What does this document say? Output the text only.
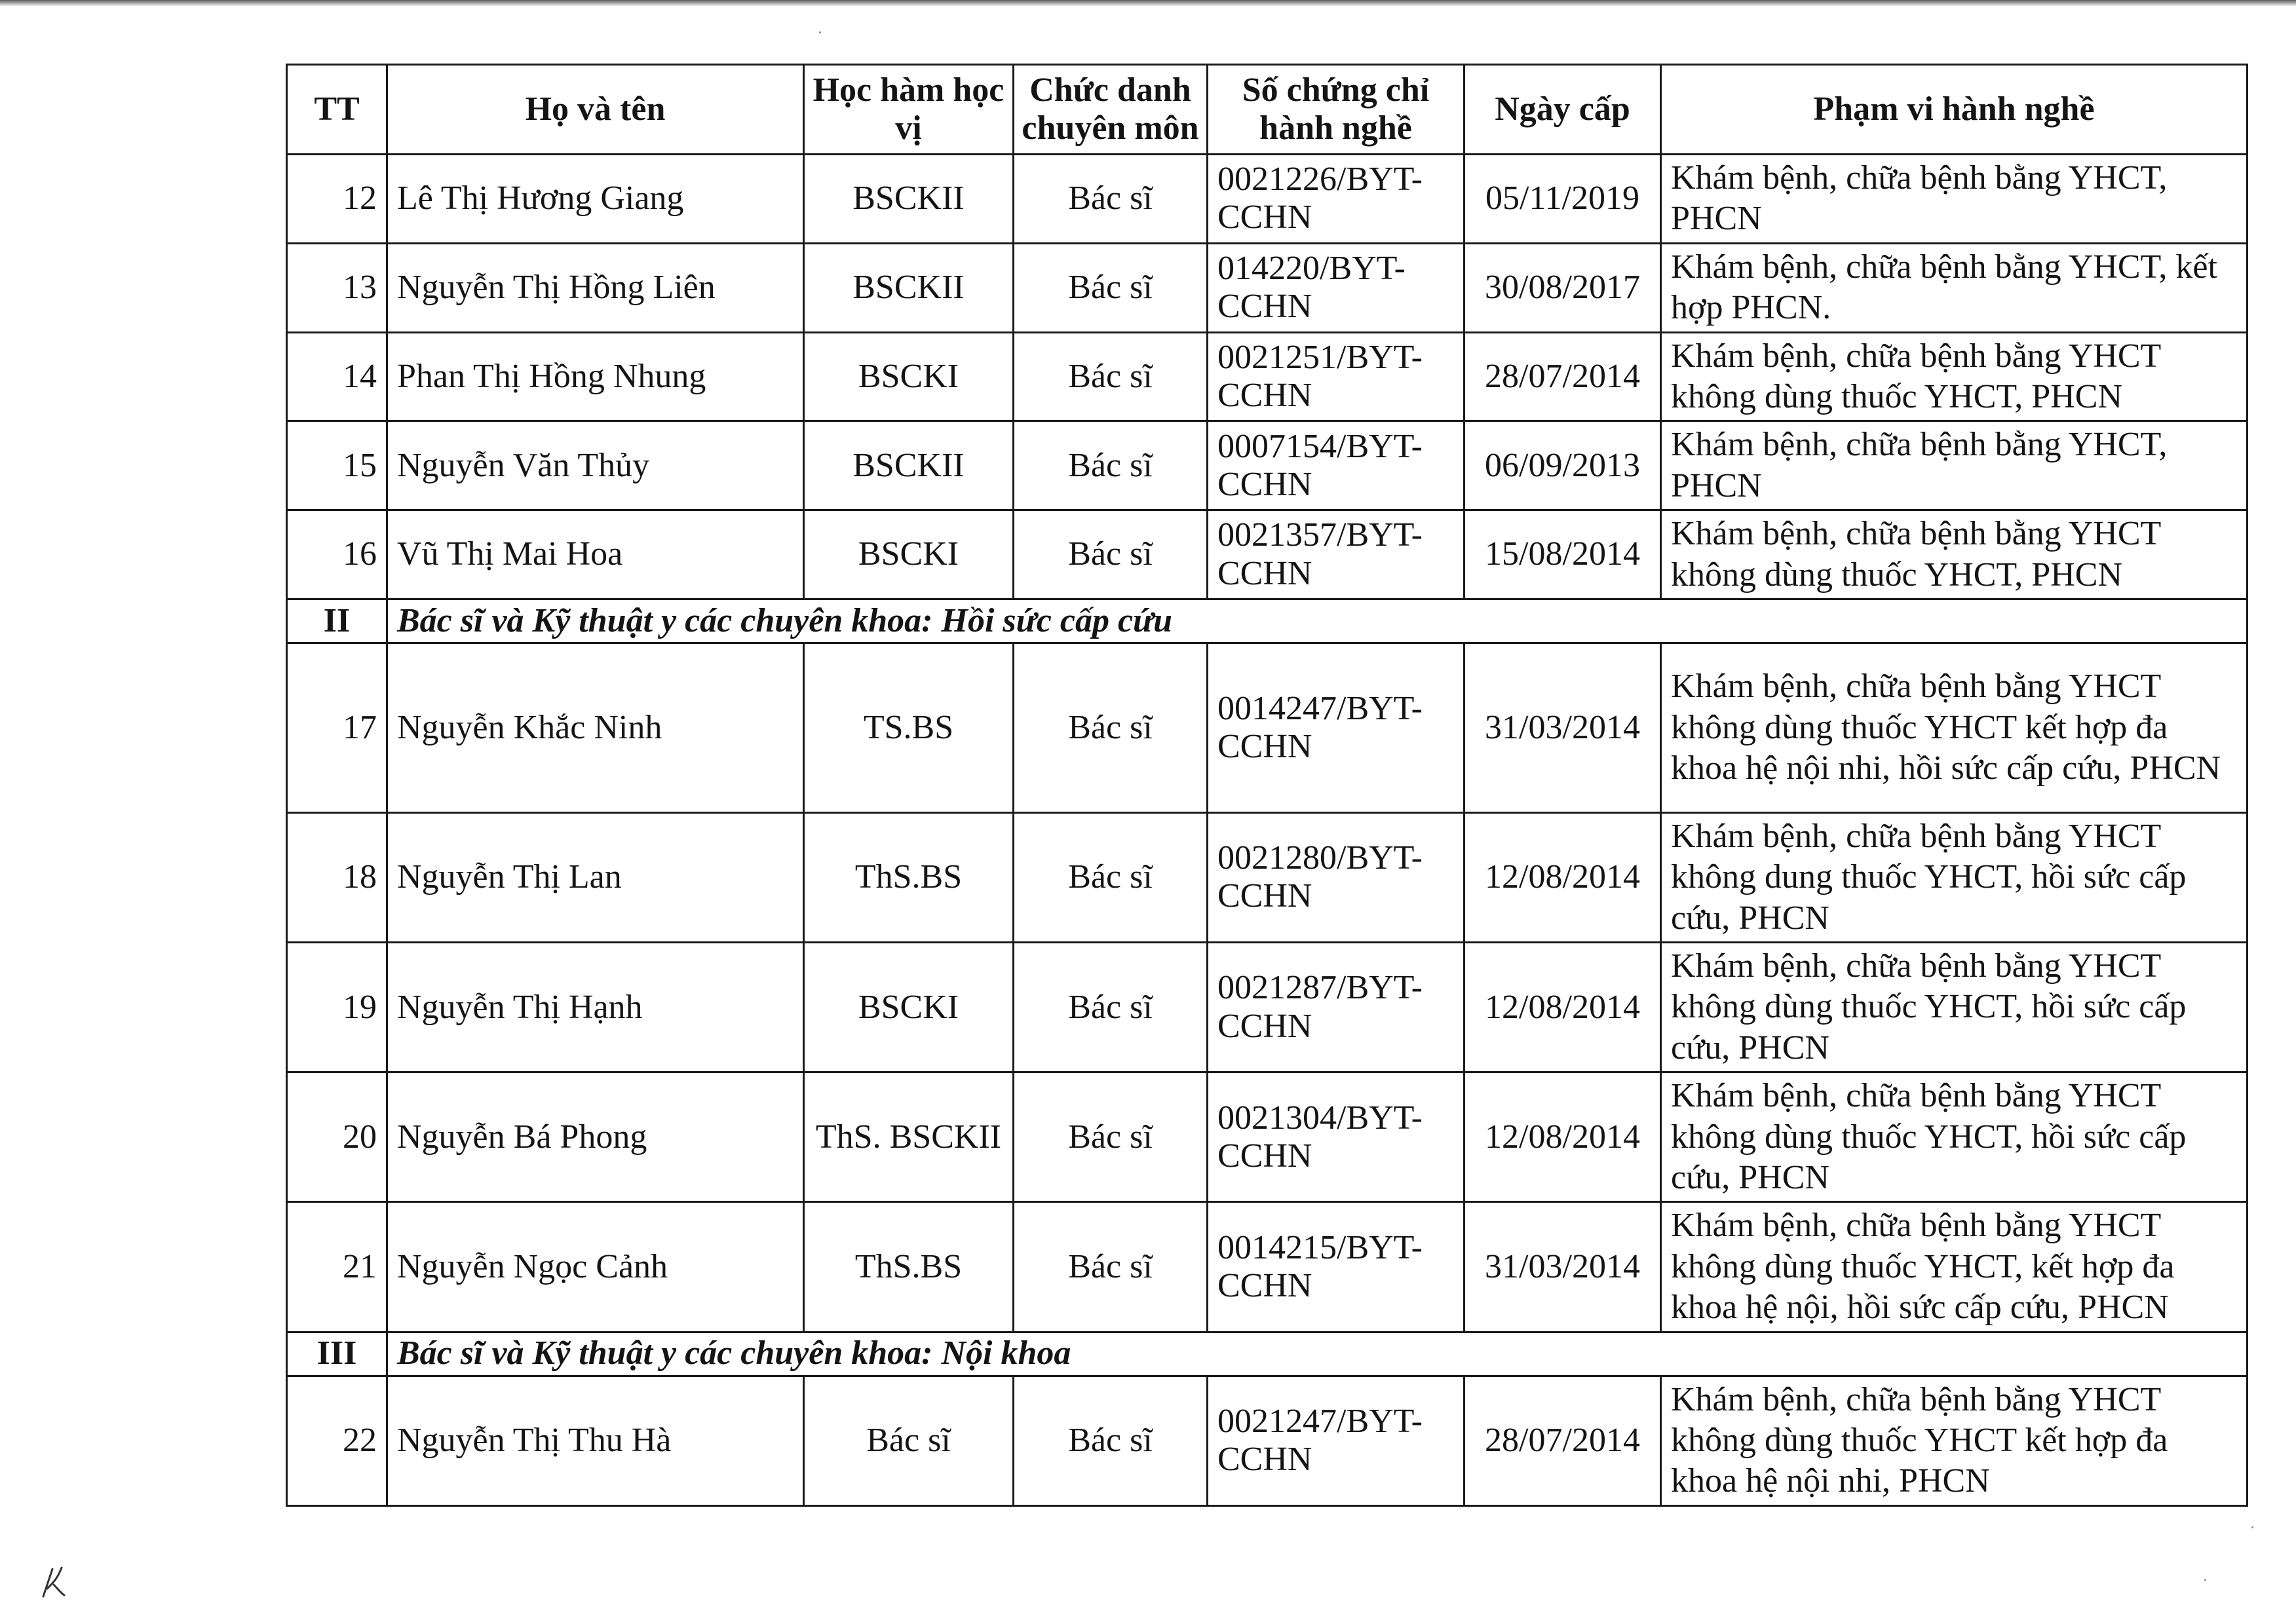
TT	Họ và tên	Học hàm học vị	Chức danh chuyên môn	Số chứng chỉ hành nghề	Ngày cấp	Phạm vi hành nghề
12	Lê Thị Hương Giang	BSCKII	Bác sĩ	0021226/BYT-CCHN	05/11/2019	Khám bệnh, chữa bệnh bằng YHCT, PHCN
13	Nguyễn Thị Hồng Liên	BSCKII	Bác sĩ	014220/BYT-CCHN	30/08/2017	Khám bệnh, chữa bệnh bằng YHCT, kết hợp PHCN.
14	Phan Thị Hồng Nhung	BSCKI	Bác sĩ	0021251/BYT-CCHN	28/07/2014	Khám bệnh, chữa bệnh bằng YHCT không dùng thuốc YHCT, PHCN
15	Nguyễn Văn Thủy	BSCKII	Bác sĩ	0007154/BYT-CCHN	06/09/2013	Khám bệnh, chữa bệnh bằng YHCT, PHCN
16	Vũ Thị Mai Hoa	BSCKI	Bác sĩ	0021357/BYT-CCHN	15/08/2014	Khám bệnh, chữa bệnh bằng YHCT không dùng thuốc YHCT, PHCN
II	Bác sĩ và Kỹ thuật y các chuyên khoa: Hồi sức cấp cứu					
17	Nguyễn Khắc Ninh	TS.BS	Bác sĩ	0014247/BYT-CCHN	31/03/2014	Khám bệnh, chữa bệnh bằng YHCT không dùng thuốc YHCT kết hợp đa khoa hệ nội nhi, hồi sức cấp cứu, PHCN
18	Nguyễn Thị Lan	ThS.BS	Bác sĩ	0021280/BYT-CCHN	12/08/2014	Khám bệnh, chữa bệnh bằng YHCT không dung thuốc YHCT, hồi sức cấp cứu, PHCN
19	Nguyễn Thị Hạnh	BSCKI	Bác sĩ	0021287/BYT-CCHN	12/08/2014	Khám bệnh, chữa bệnh bằng YHCT không dùng thuốc YHCT, hồi sức cấp cứu, PHCN
20	Nguyễn Bá Phong	ThS. BSCKII	Bác sĩ	0021304/BYT-CCHN	12/08/2014	Khám bệnh, chữa bệnh bằng YHCT không dùng thuốc YHCT, hồi sức cấp cứu, PHCN
21	Nguyễn Ngọc Cảnh	ThS.BS	Bác sĩ	0014215/BYT-CCHN	31/03/2014	Khám bệnh, chữa bệnh bằng YHCT không dùng thuốc YHCT, kết hợp đa khoa hệ nội, hồi sức cấp cứu, PHCN
III	Bác sĩ và Kỹ thuật y các chuyên khoa: Nội khoa					
22	Nguyễn Thị Thu Hà	Bác sĩ	Bác sĩ	0021247/BYT-CCHN	28/07/2014	Khám bệnh, chữa bệnh bằng YHCT không dùng thuốc YHCT kết hợp đa khoa hệ nội nhi, PHCN
